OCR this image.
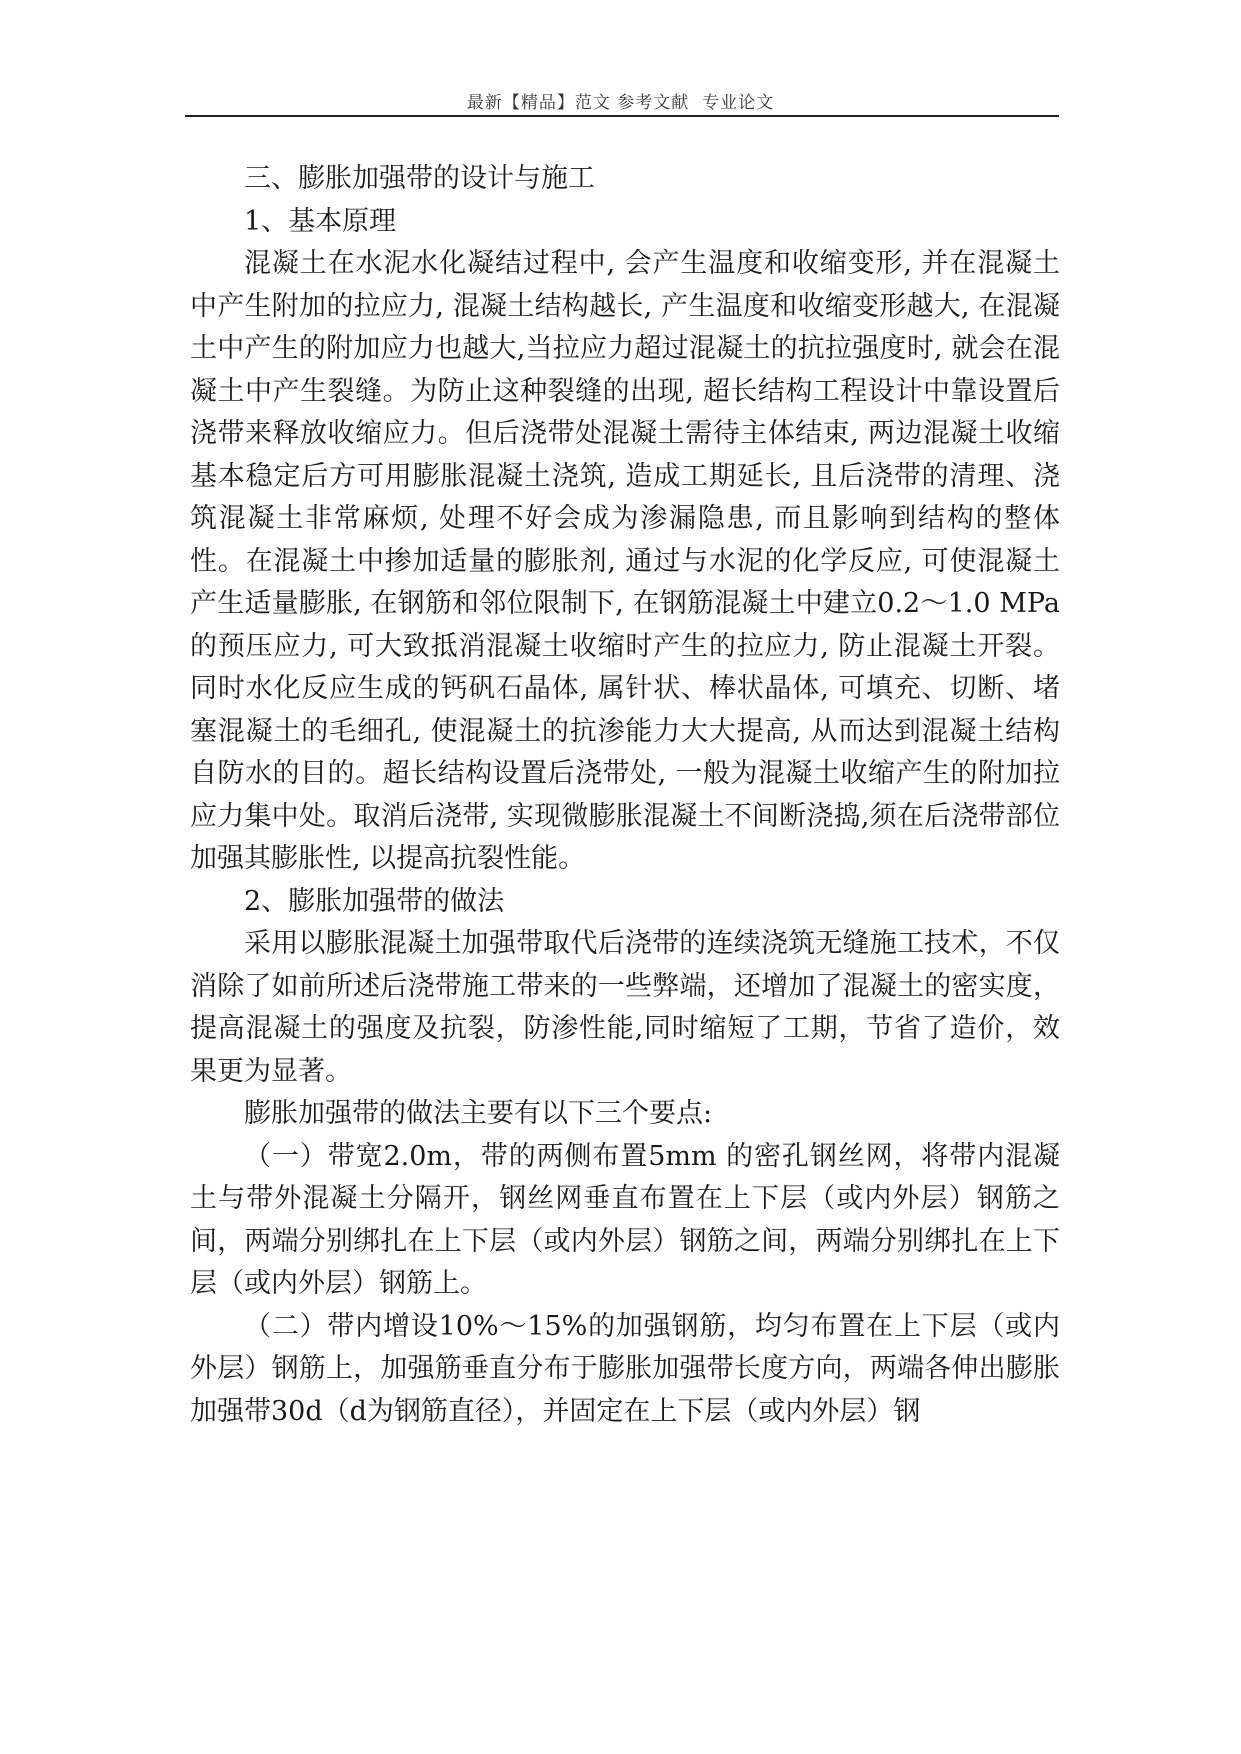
最新【精品】范文 参考文献  专业论文

三、膨胀加强带的设计与施工

1、基本原理

混凝土在水泥水化凝结过程中, 会产生温度和收缩变形, 并在混凝土中产生附加的拉应力, 混凝土结构越长, 产生温度和收缩变形越大, 在混凝土中产生的附加应力也越大,当拉应力超过混凝土的抗拉强度时, 就会在混凝土中产生裂缝。为防止这种裂缝的出现, 超长结构工程设计中靠设置后浇带来释放收缩应力。但后浇带处混凝土需待主体结束, 两边混凝土收缩基本稳定后方可用膨胀混凝土浇筑, 造成工期延长, 且后浇带的清理、浇筑混凝土非常麻烦, 处理不好会成为渗漏隐患, 而且影响到结构的整体性。在混凝土中掺加适量的膨胀剂, 通过与水泥的化学反应, 可使混凝土产生适量膨胀, 在钢筋和邻位限制下, 在钢筋混凝土中建立0.2～1.0 MPa 的预压应力, 可大致抵消混凝土收缩时产生的拉应力, 防止混凝土开裂。同时水化反应生成的钙矾石晶体, 属针状、棒状晶体, 可填充、切断、堵塞混凝土的毛细孔, 使混凝土的抗渗能力大大提高, 从而达到混凝土结构自防水的目的。超长结构设置后浇带处, 一般为混凝土收缩产生的附加拉应力集中处。取消后浇带, 实现微膨胀混凝土不间断浇捣,须在后浇带部位加强其膨胀性, 以提高抗裂性能。

2、膨胀加强带的做法

采用以膨胀混凝土加强带取代后浇带的连续浇筑无缝施工技术，不仅消除了如前所述后浇带施工带来的一些弊端，还增加了混凝土的密实度，提高混凝土的强度及抗裂，防渗性能,同时缩短了工期，节省了造价，效果更为显著。

膨胀加强带的做法主要有以下三个要点:

（一）带宽2.0m，带的两侧布置5mm 的密孔钢丝网，将带内混凝土与带外混凝土分隔开，钢丝网垂直布置在上下层（或内外层）钢筋之间，两端分别绑扎在上下层（或内外层）钢筋之间，两端分别绑扎在上下层（或内外层）钢筋上。

（二）带内增设10%～15%的加强钢筋，均匀布置在上下层（或内外层）钢筋上，加强筋垂直分布于膨胀加强带长度方向，两端各伸出膨胀加强带30d（d为钢筋直径），并固定在上下层（或内外层）钢
